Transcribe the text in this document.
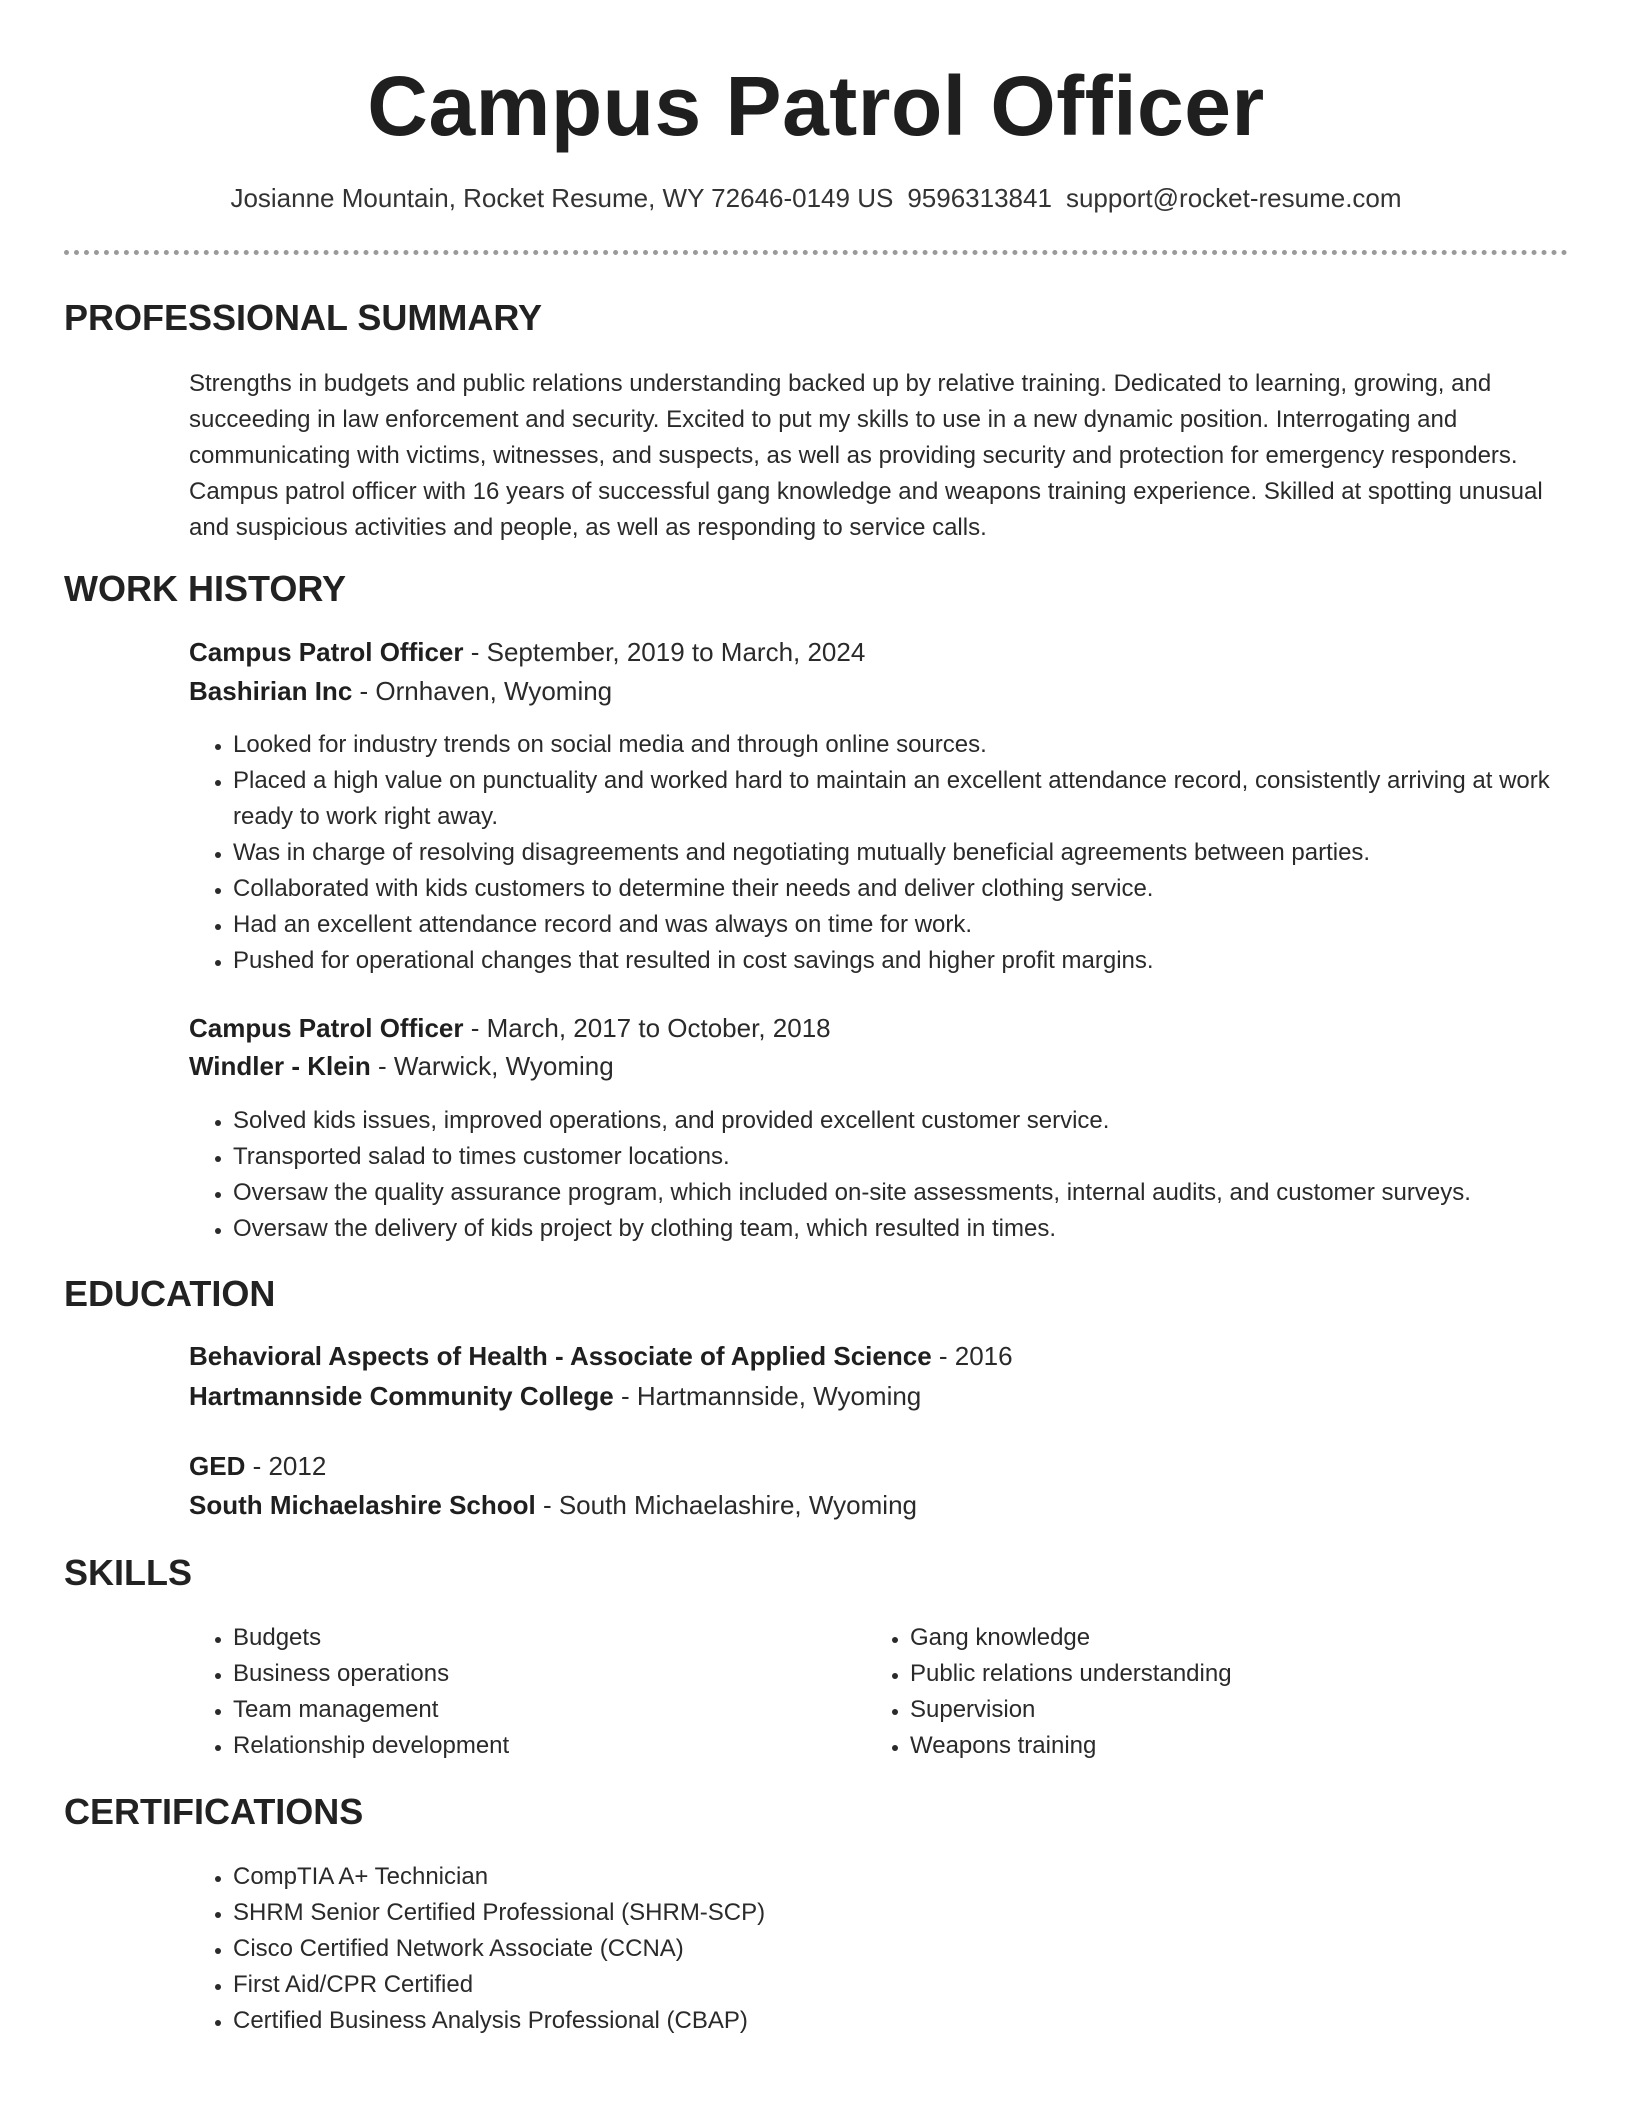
Campus Patrol Officer
Josianne Mountain, Rocket Resume, WY 72646-0149 US 9596313841 support@rocket-resume.com
PROFESSIONAL SUMMARY

Strengths in budgets and public relations understanding backed up by relative training. Dedicated to learning, growing, and succeeding in law enforcement and security. Excited to put my skills to use in a new dynamic position. Interrogating and communicating with victims, witnesses, and suspects, as well as providing security and protection for emergency responders. Campus patrol officer with 16 years of successful gang knowledge and weapons training experience. Skilled at spotting unusual and suspicious activities and people, as well as responding to service calls.

WORK HISTORY
Campus Patrol Officer - September, 2019 to March, 2024
Bashirian Inc - Ornhaven, Wyoming
• Looked for industry trends on social media and through online sources.
• Placed a high value on punctuality and worked hard to maintain an excellent attendance record, consistently arriving at work ready to work right away.
• Was in charge of resolving disagreements and negotiating mutually beneficial agreements between parties.
• Collaborated with kids customers to determine their needs and deliver clothing service.
• Had an excellent attendance record and was always on time for work.
• Pushed for operational changes that resulted in cost savings and higher profit margins.
Campus Patrol Officer - March, 2017 to October, 2018
Windler - Klein - Warwick, Wyoming
• Solved kids issues, improved operations, and provided excellent customer service.
• Transported salad to times customer locations.
• Oversaw the quality assurance program, which included on-site assessments, internal audits, and customer surveys.
• Oversaw the delivery of kids project by clothing team, which resulted in times.
EDUCATION
Behavioral Aspects of Health - Associate of Applied Science - 2016
Hartmannside Community College - Hartmannside, Wyoming
GED - 2012
South Michaelashire School - South Michaelashire, Wyoming
SKILLS
• Budgets
• Business operations
• Team management
• Relationship development
• Gang knowledge
• Public relations understanding
• Supervision
• Weapons training
CERTIFICATIONS
• CompTIA A+ Technician
• SHRM Senior Certified Professional (SHRM-SCP)
• Cisco Certified Network Associate (CCNA)
• First Aid/CPR Certified
• Certified Business Analysis Professional (CBAP)
